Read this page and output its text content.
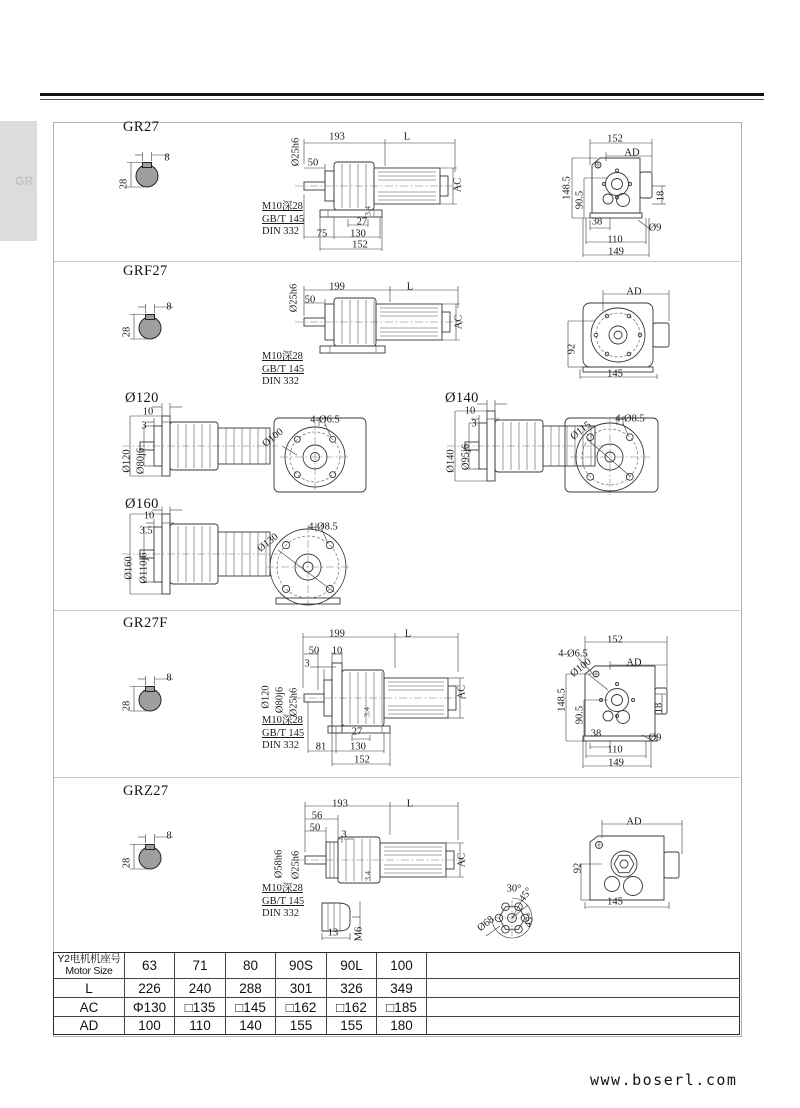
GR
GR27
8
28
193	L
50
Ø25h6
AC
3.4
M10深28
GB/T 145
DIN 332
27
75 130
152
152
AD
148.5
90.5	18
38
110
149
Ø9
GRF27
8
28
199	L
50
Ø25h6
AC
M10深28
GB/T 145
DIN 332
AD
92
145
Ø120
10
3
Ø120 Ø80j6
4-Ø6.5
Ø100
Ø140
10
3
Ø140 Ø95j6
4-Ø8.5
Ø115
Ø160
10
3.5
Ø160 Ø110j6
4-Ø8.5
Ø130
GR27F
8
28
199	L
50 10
3
Ø120 Ø80j6 Ø25h6	AC
3.4
M10深28
GB/T 145
DIN 332
27
81 130
152
152
4-Ø6.5
Ø100	AD
148.5
90.5	18
38
110
149
Ø9
GRZ27
8
28
193	L
56
50
3
Ø58h6 Ø25h6	AC
3.4
M10深28
GB/T 145
DIN 332
13 M6
30°
45°
45°
Ø68
AD
92
145
Y2电机机座号
Motor Size	63	71	80	90S	90L	100
L	226	240	288	301	326	349
AC	Φ130	□135	□145	□162	□162	□185
AD	100	110	140	155	155	180
www.boserl.com
